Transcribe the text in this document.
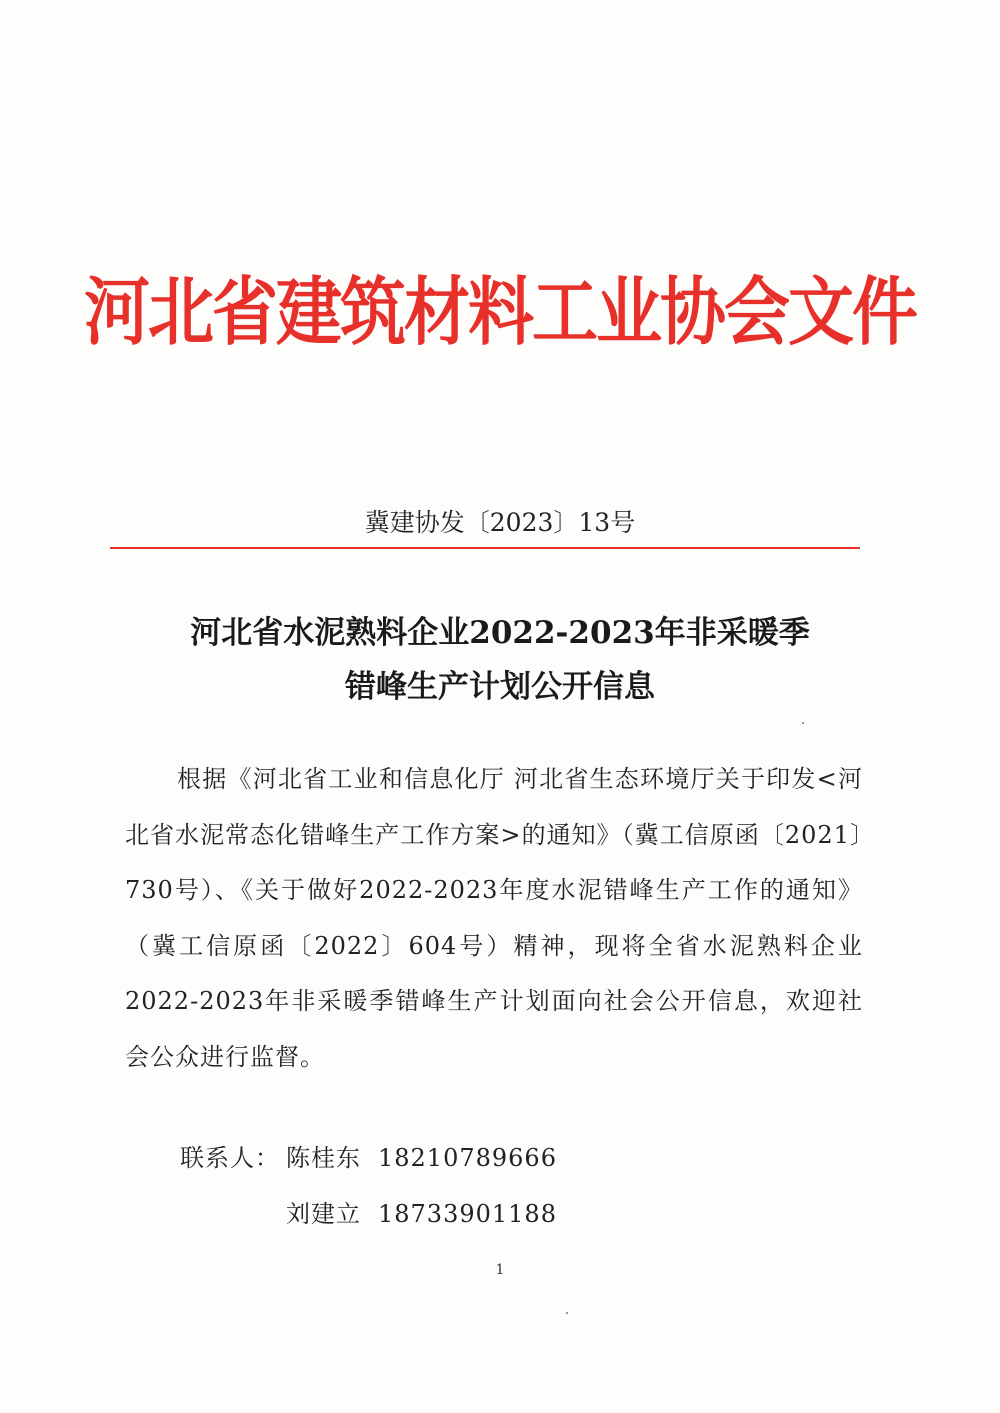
河北省建筑材料工业协会文件
冀建协发〔2023〕13号
河北省水泥熟料企业2022-2023年非采暖季
错峰生产计划公开信息

根据《河北省工业和信息化厅 河北省生态环境厅关于印发<河北省水泥常态化错峰生产工作方案>的通知》（冀工信原函〔2021〕730号）、《关于做好2022-2023年度水泥错峰生产工作的通知》（冀工信原函〔2022〕604号）精神，现将全省水泥熟料企业2022-2023年非采暖季错峰生产计划面向社会公开信息，欢迎社会公众进行监督。

联系人： 陈桂东 18210789666
刘建立 18733901188
1
